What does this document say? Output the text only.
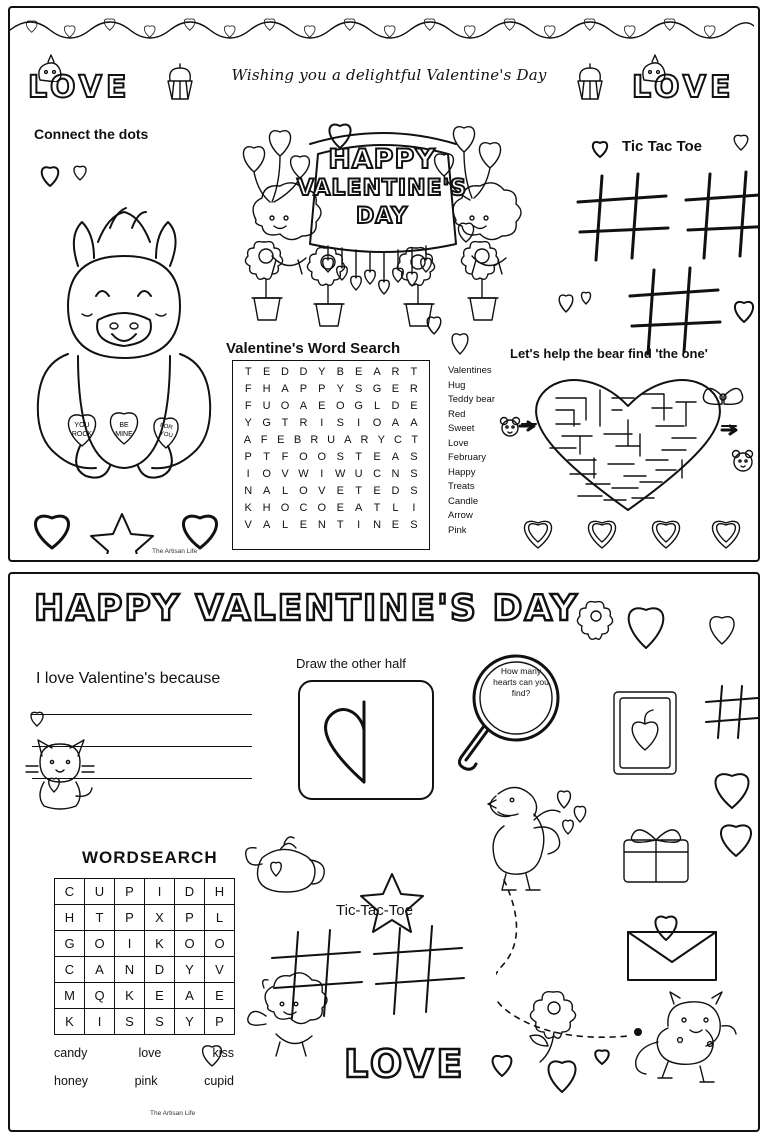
LOVE	LOVE
Wishing you a delightful Valentine's Day
Connect the dots
YOU
ROCK
BE
MINE
FOR
YOU
HAPPY
VALENTINE'S
DAY
Tic Tac Toe
Valentine's Word Search
T	E D D Y	B	E	A R	T
F	H A	P	P	Y	S G E R
F	U O A	E O G	L	D E
Y G T	R	I	S	I	O A	A
A F E B R U A R Y C T
P	T	F O O S	T	E	A	S
I	O V W	I	W U C N S
N A	L	O V	E	T	E D S
K H O C O E	A	T	L	I
V	A	L	E N	T	I	N E	S
Valentines
Hug
Teddy bear
Red
Sweet
Love
February
Happy
Treats
Candle
Arrow
Pink
Let's help the bear find 'the one'
The Artisan Life
HAPPY VALENTINE'S DAY
I love Valentine's because
Draw the other half	How many
hearts can you
find?
WORDSEARCH
C	U	P	I	D	H
H	T	P	X	P	L
G	O	I	K	O	O
C	A	N	D	Y	V
M	Q	K	E	A	E
K	I	S	S	Y	P
candy	love	kiss
honey	pink	cupid
Tic-Tac-Toe
LOVE
The Artisan Life
